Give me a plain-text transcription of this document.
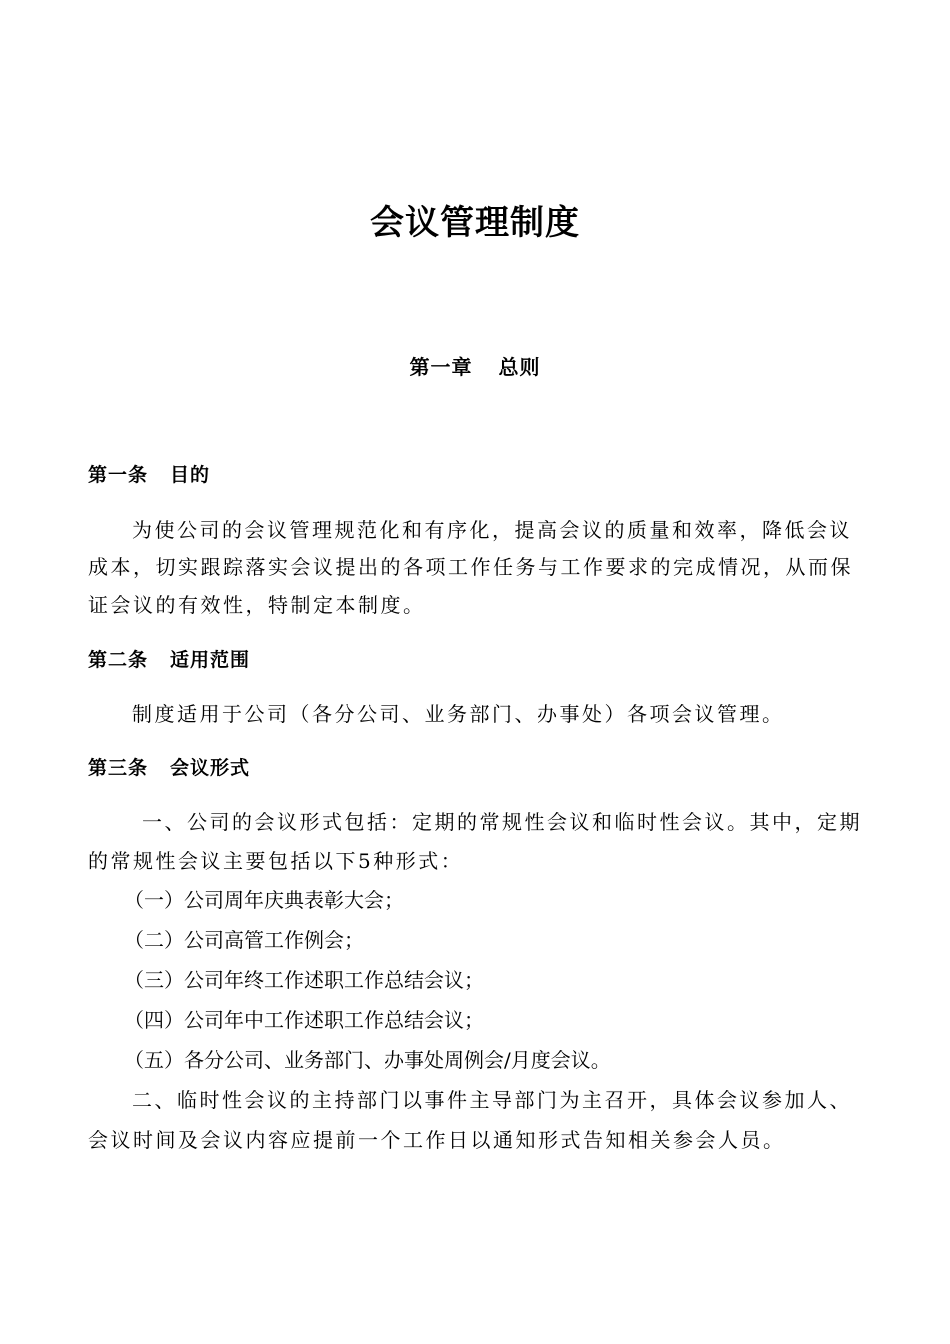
会议管理制度
第一章 总则
第一条 目的
为使公司的会议管理规范化和有序化，提高会议的质量和效率，降低会议
成本，切实跟踪落实会议提出的各项工作任务与工作要求的完成情况，从而保
证会议的有效性，特制定本制度。
第二条 适用范围
制度适用于公司（各分公司、业务部门、办事处）各项会议管理。
第三条 会议形式
一、公司的会议形式包括：定期的常规性会议和临时性会议。其中，定期
的常规性会议主要包括以下5种形式：
（一）公司周年庆典表彰大会；
（二）公司高管工作例会；
（三）公司年终工作述职工作总结会议；
（四）公司年中工作述职工作总结会议；
（五）各分公司、业务部门、办事处周例会/月度会议。
二、临时性会议的主持部门以事件主导部门为主召开，具体会议参加人、
会议时间及会议内容应提前一个工作日以通知形式告知相关参会人员。
